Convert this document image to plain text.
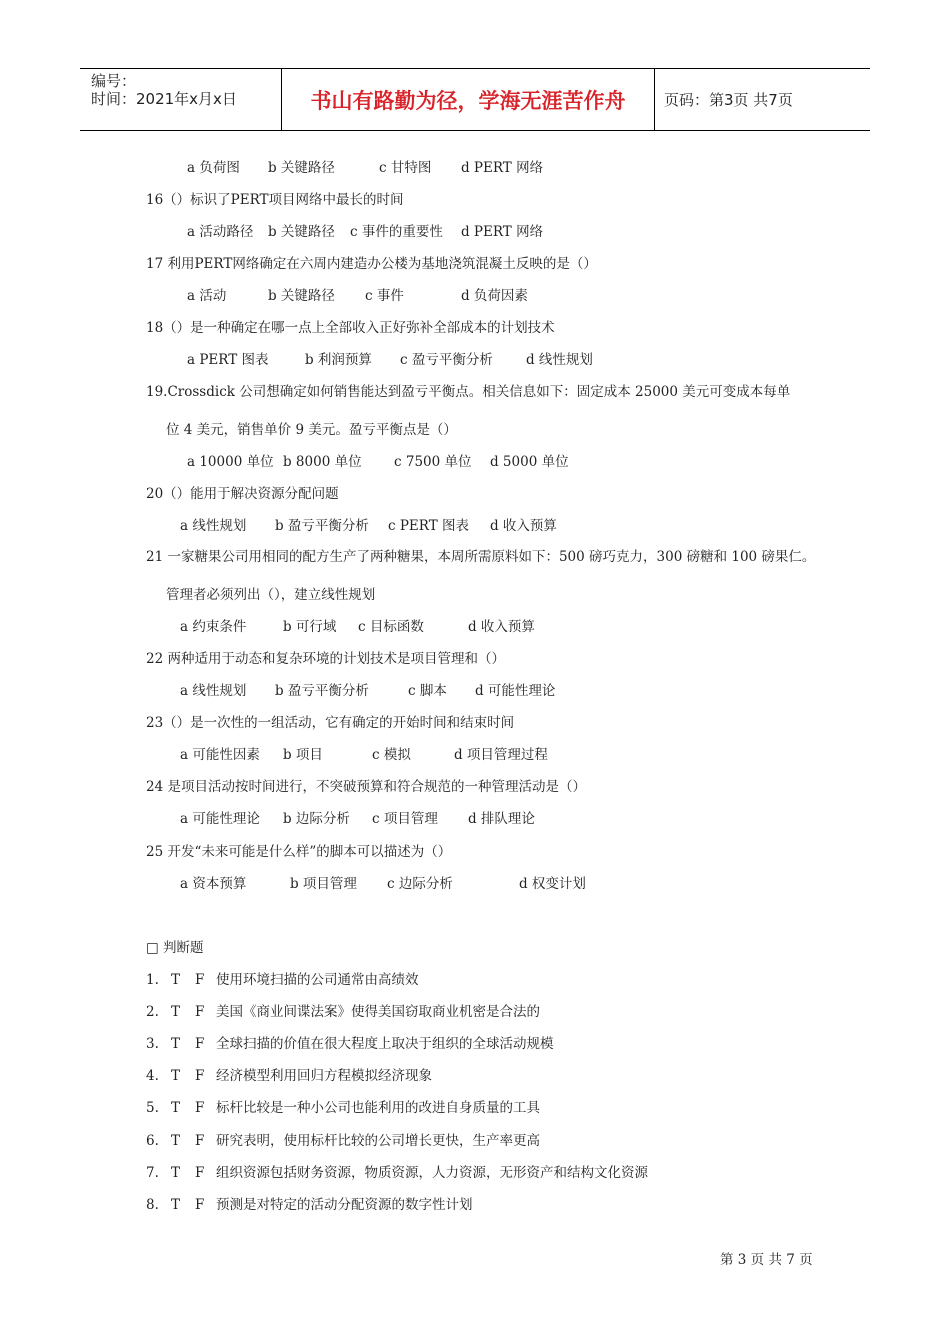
编号：
时间：2021年x月x日	书山有路勤为径，学海无涯苦作舟	页码：第3页 共7页
a 负荷图 b 关键路径	c 甘特图 d PERT 网络
16（）标识了PERT项目网络中最长的时间
a 活动路径 b 关键路径 c 事件的重要性 d PERT 网络
17 利用PERT网络确定在六周内建造办公楼为基地浇筑混凝土反映的是（）
a 活动	b 关键路径 c 事件	d 负荷因素
18（）是一种确定在哪一点上全部收入正好弥补全部成本的计划技术
a PERT 图表	b 利润预算 c 盈亏平衡分析 d 线性规划
19.Crossdick 公司想确定如何销售能达到盈亏平衡点。相关信息如下：固定成本 25000 美元可变成本每单
位 4 美元，销售单价 9 美元。盈亏平衡点是（）
a 10000 单位 b 8000 单位 c 7500 单位 d 5000 单位
20（）能用于解决资源分配问题
a 线性规划 b 盈亏平衡分析 c PERT 图表 d 收入预算
21 一家糖果公司用相同的配方生产了两种糖果，本周所需原料如下：500 磅巧克力，300 磅糖和 100 磅果仁。
管理者必须列出（），建立线性规划
a 约束条件	b 可行域 c 目标函数	d 收入预算
22 两种适用于动态和复杂环境的计划技术是项目管理和（）
a 线性规划 b 盈亏平衡分析	c 脚本 d 可能性理论
23（）是一次性的一组活动，它有确定的开始时间和结束时间
a 可能性因素 b 项目	c 模拟	d 项目管理过程
24 是项目活动按时间进行，不突破预算和符合规范的一种管理活动是（）
a 可能性理论 b 边际分析 c 项目管理 d 排队理论
25 开发“未来可能是什么样”的脚本可以描述为（）
a 资本预算	b 项目管理 c 边际分析	d 权变计划
□ 判断题
1. T F 使用环境扫描的公司通常由高绩效
2. T F 美国《商业间谍法案》使得美国窃取商业机密是合法的
3. T F 全球扫描的价值在很大程度上取决于组织的全球活动规模
4. T F 经济模型利用回归方程模拟经济现象
5. T F 标杆比较是一种小公司也能利用的改进自身质量的工具
6. T F 研究表明，使用标杆比较的公司增长更快，生产率更高
7. T F 组织资源包括财务资源，物质资源，人力资源，无形资产和结构文化资源
8. T F 预测是对特定的活动分配资源的数字性计划
第 3 页 共 7 页
